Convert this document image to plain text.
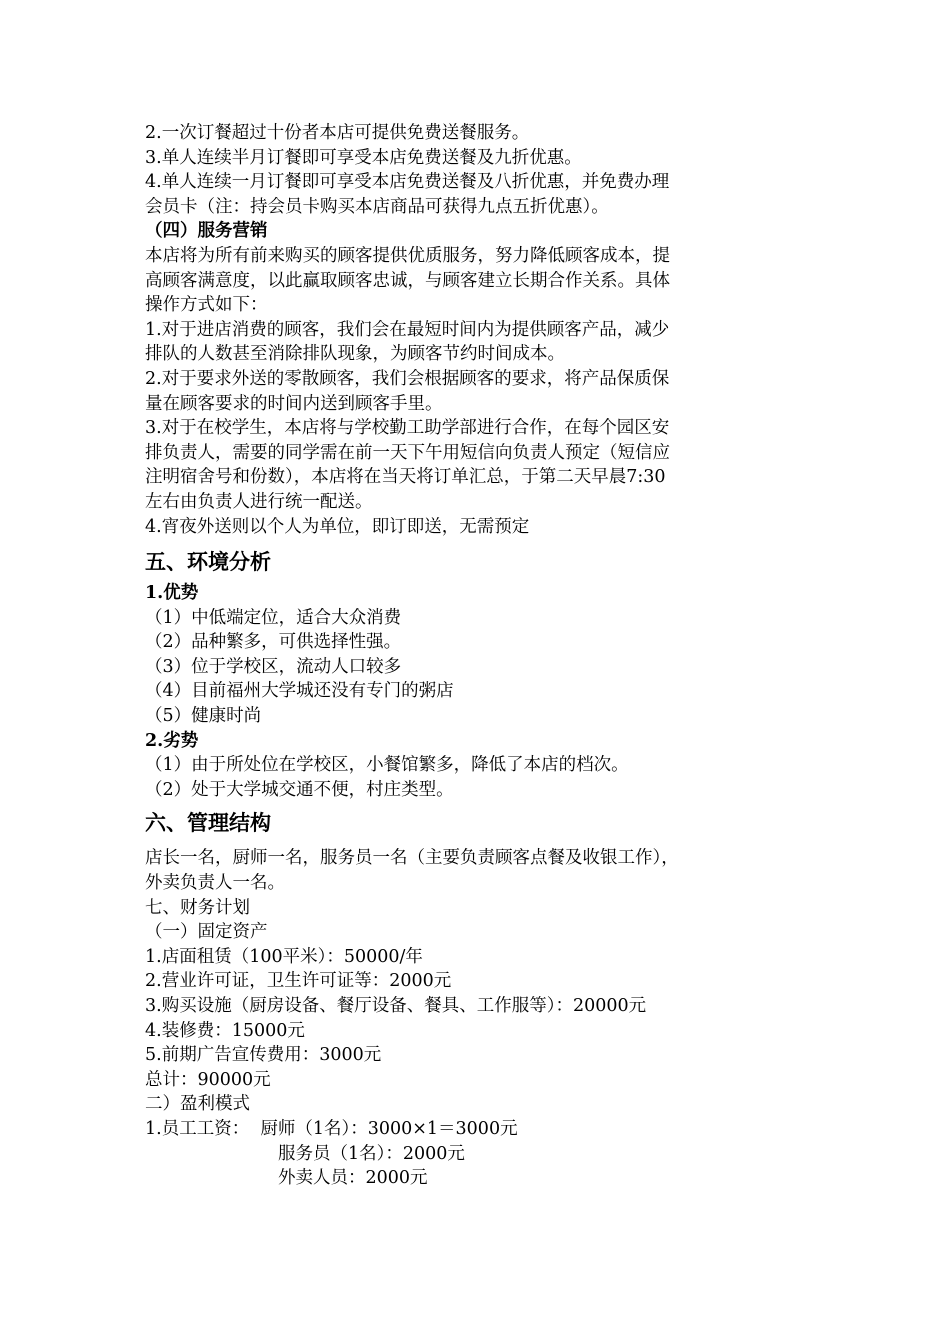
2.一次订餐超过十份者本店可提供免费送餐服务。
3.单人连续半月订餐即可享受本店免费送餐及九折优惠。
4.单人连续一月订餐即可享受本店免费送餐及八折优惠，并免费办理
会员卡（注：持会员卡购买本店商品可获得九点五折优惠）。
（四）服务营销
本店将为所有前来购买的顾客提供优质服务，努力降低顾客成本，提
高顾客满意度，以此赢取顾客忠诚，与顾客建立长期合作关系。具体
操作方式如下：
1.对于进店消费的顾客，我们会在最短时间内为提供顾客产品，减少
排队的人数甚至消除排队现象，为顾客节约时间成本。
2.对于要求外送的零散顾客，我们会根据顾客的要求，将产品保质保
量在顾客要求的时间内送到顾客手里。
3.对于在校学生，本店将与学校勤工助学部进行合作，在每个园区安
排负责人，需要的同学需在前一天下午用短信向负责人预定（短信应
注明宿舍号和份数），本店将在当天将订单汇总，于第二天早晨7:30
左右由负责人进行统一配送。
4.宵夜外送则以个人为单位，即订即送，无需预定
五、环境分析
1.优势
（1）中低端定位，适合大众消费
（2）品种繁多，可供选择性强。
（3）位于学校区，流动人口较多
（4）目前福州大学城还没有专门的粥店
（5）健康时尚
2.劣势
（1）由于所处位在学校区，小餐馆繁多，降低了本店的档次。
（2）处于大学城交通不便，村庄类型。
六、管理结构
店长一名，厨师一名，服务员一名（主要负责顾客点餐及收银工作），
外卖负责人一名。
七、财务计划
（一）固定资产
1.店面租赁（100平米）：50000/年
2.营业许可证，卫生许可证等：2000元
3.购买设施（厨房设备、餐厅设备、餐具、工作服等）：20000元
4.装修费：15000元
5.前期广告宣传费用：3000元
总计：90000元
二）盈利模式
1.员工工资：  厨师（1名）：3000×1＝3000元
服务员（1名）：2000元
外卖人员：2000元
